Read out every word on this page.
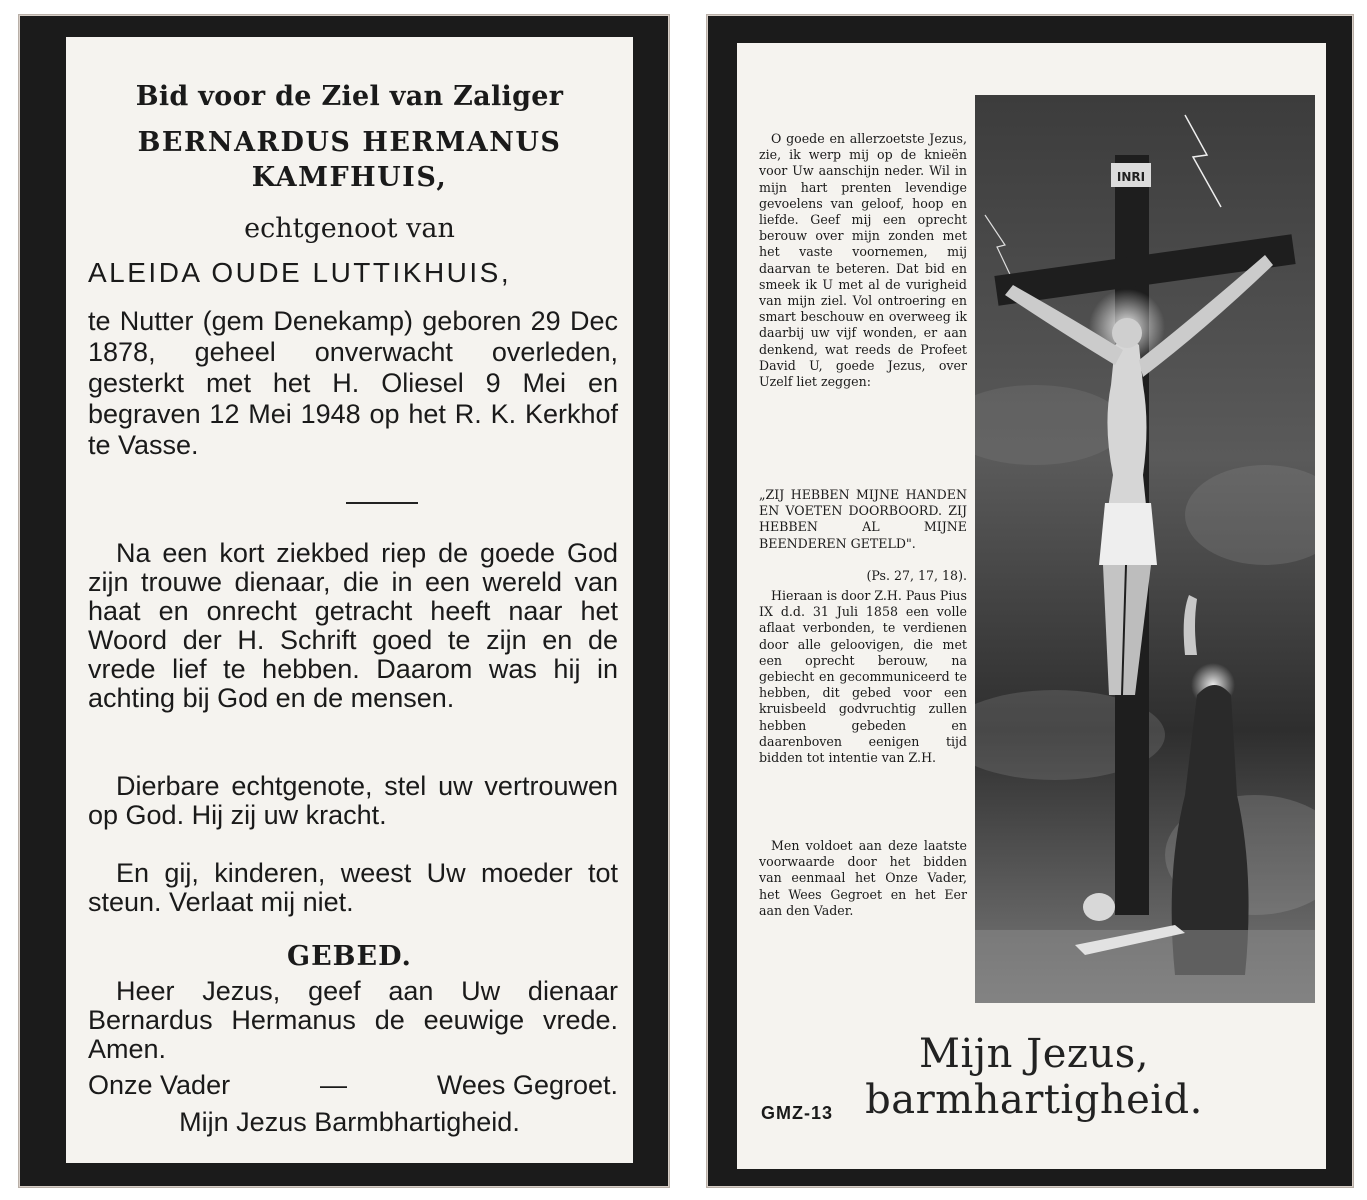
Bid voor de Ziel van Zaliger
BERNARDUS HERMANUS
KAMFHUIS,
echtgenoot van
ALEIDA OUDE LUTTIKHUIS,

te Nutter (gem Denekamp) geboren 29 Dec 1878, geheel onverwacht overleden, gesterkt met het H. Oliesel 9 Mei en begraven 12 Mei 1948 op het R. K. Kerkhof te Vasse.

Na een kort ziekbed riep de goede God zijn trouwe dienaar, die in een wereld van haat en onrecht getracht heeft naar het Woord der H. Schrift goed te zijn en de vrede lief te hebben. Daarom was hij in achting bij God en de mensen.

Dierbare echtgenote, stel uw vertrouwen op God. Hij zij uw kracht.

En gij, kinderen, weest Uw moeder tot steun. Verlaat mij niet.

GEBED.

Heer Jezus, geef aan Uw dienaar Bernardus Hermanus de eeuwige vrede. Amen.

Onze Vader	—	Wees Gegroet.
Mijn Jezus Barmbhartigheid.

O goede en allerzoetste Jezus, zie, ik werp mij op de knieën voor Uw aanschijn neder. Wil in mijn hart prenten levendige gevoelens van geloof, hoop en liefde. Geef mij een oprecht berouw over mijn zonden met het vaste voornemen, mij daarvan te beteren. Dat bid en smeek ik U met al de vurigheid van mijn ziel. Vol ontroering en smart beschouw en overweeg ik daarbij uw vijf wonden, er aan denkend, wat reeds de Profeet David U, goede Jezus, over Uzelf liet zeggen:

„ZIJ HEBBEN MIJNE HANDEN EN VOETEN DOORBOORD. ZIJ HEBBEN AL MIJNE BEENDEREN GETELD".

(Ps. 27, 17, 18).

Hieraan is door Z.H. Paus Pius IX d.d. 31 Juli 1858 een volle aflaat verbonden, te verdienen door alle geloovigen, die met een oprecht berouw, na gebiecht en gecommuniceerd te hebben, dit gebed voor een kruisbeeld godvruchtig zullen hebben gebeden en daarenboven eenigen tijd bidden tot intentie van Z.H.

Men voldoet aan deze laatste voorwaarde door het bidden van eenmaal het Onze Vader, het Wees Gegroet en het Eer aan den Vader.

INRI
Mijn Jezus, barmhartigheid.
GMZ-13
